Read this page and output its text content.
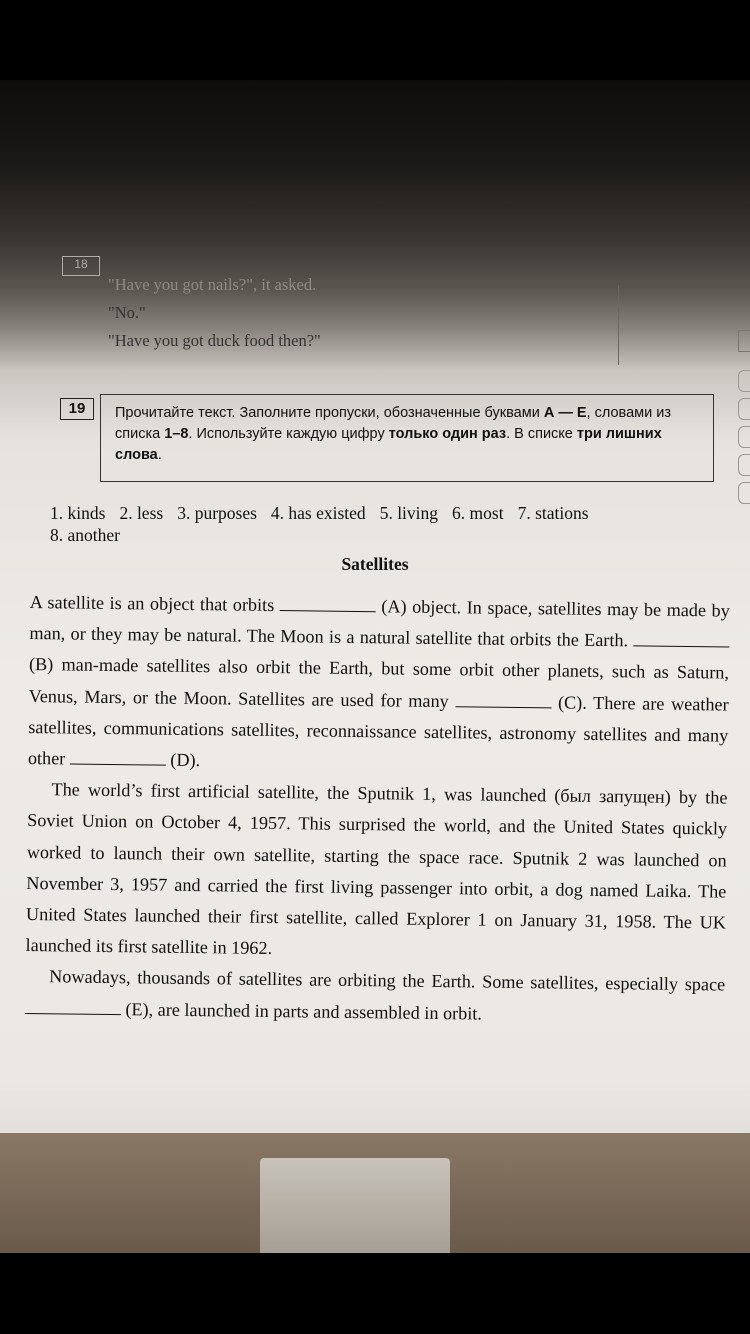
18
"Have you got nails?", it asked.
"No."
"Have you got duck food then?"
19	Прочитайте текст. Заполните пропуски, обозначенные буквами А — Е, словами из списка 1–8. Используйте каждую цифру только один раз. В списке три лишних слова.
1. kinds 2. less 3. purposes 4. has existed 5. living 6. most 7. stations
8. another
Satellites

A satellite is an object that orbits	(A) object. In space, satellites may be made by man, or they may be natural. The Moon is a natural satellite that orbits the Earth.  (B) man-made satellites also orbit the Earth, but some orbit other planets, such as Saturn, Venus, Mars, or the Moon. Satellites are used for many	(C). There are weather satellites, communications satellites, reconnaissance satellites, astronomy satellites and many other	(D).

The world’s first artificial satellite, the Sputnik 1, was launched (был запущен) by the Soviet Union on October 4, 1957. This surprised the world, and the United States quickly worked to launch their own satellite, starting the space race. Sputnik 2 was launched on November 3, 1957 and carried the first living passenger into orbit, a dog named Laika. The United States launched their first satellite, called Explorer 1 on January 31, 1958. The UK launched its first satellite in 1962.

Nowadays, thousands of satellites are orbiting the Earth. Some satellites, especially space  (E), are launched in parts and assembled in orbit.
